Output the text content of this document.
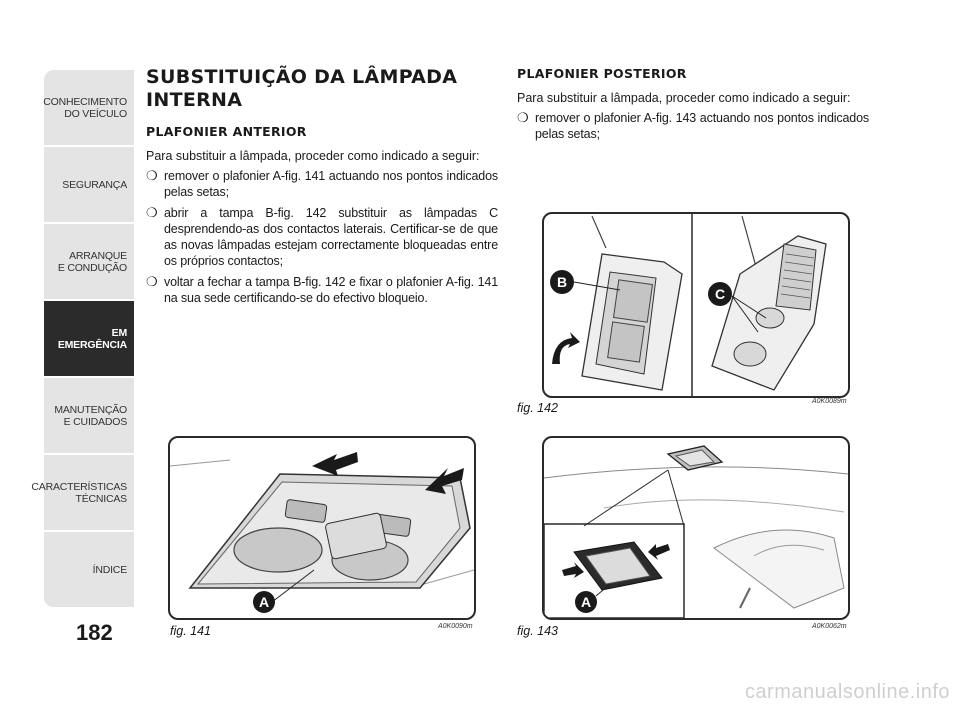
CONHECIMENTO
DO VEÍCULO
SEGURANÇA
ARRANQUE
E CONDUÇÃO
EM EMERGÊNCIA
MANUTENÇÃO
E CUIDADOS
CARACTERÍSTICAS
TÉCNICAS
ÍNDICE
182
SUBSTITUIÇÃO DA LÂMPADA
INTERNA
PLAFONIER ANTERIOR

Para substituir a lâmpada, proceder como indicado a seguir:

❍ remover o plafonier A-fig. 141 actuando nos pontos indicados pelas setas;
❍ abrir a tampa B-fig. 142 substituir as lâmpadas C desprendendo-as dos contactos laterais. Certificar-se de que as novas lâmpadas estejam correctamente bloqueadas entre os próprios contactos;
❍ voltar a fechar a tampa B-fig. 142 e fixar o plafonier A-fig. 141 na sua sede certificando-se do efectivo bloqueio.
PLAFONIER POSTERIOR

Para substituir a lâmpada, proceder como indicado a seguir:

❍ remover o plafonier A-fig. 143 actuando nos pontos indicados pelas setas;
A
fig. 141	A0K0090m
B
C
fig. 142	A0K0089m
A
fig. 143	A0K0062m
carmanualsonline.info
